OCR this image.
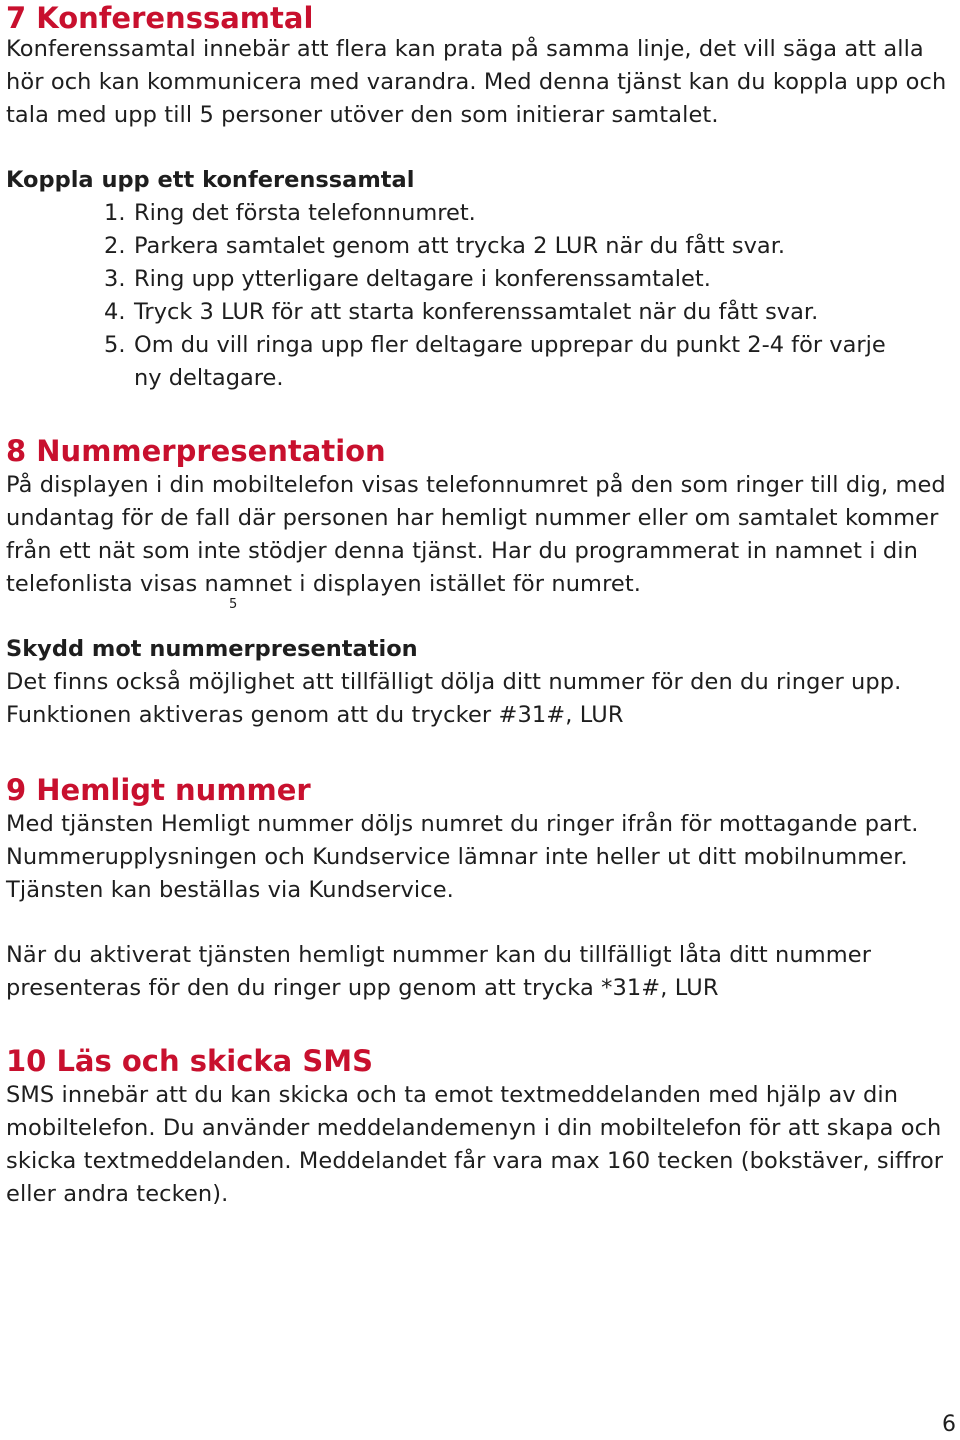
7 Konferenssamtal

Konferenssamtal innebär att flera kan prata på samma linje, det vill säga att alla hör och kan kommunicera med varandra. Med denna tjänst kan du koppla upp och tala med upp till 5 personer utöver den som initierar samtalet.

Koppla upp ett konferenssamtal
1. Ring det första telefonnumret.
2. Parkera samtalet genom att trycka 2 LUR när du fått svar.
3. Ring upp ytterligare deltagare i konferenssamtalet.
4. Tryck 3 LUR för att starta konferenssamtalet när du fått svar.
5. Om du vill ringa upp fler deltagare upprepar du punkt 2-4 för varje ny deltagare.
8 Nummerpresentation

På displayen i din mobiltelefon visas telefonnumret på den som ringer till dig, med undantag för de fall där personen har hemligt nummer eller om samtalet kommer från ett nät som inte stödjer denna tjänst. Har du programmerat in namnet i din telefonlista visas namnet i displayen istället för numret.

Skydd mot nummerpresentation

Det finns också möjlighet att tillfälligt dölja ditt nummer för den du ringer upp. Funktionen aktiveras genom att du trycker #31#, LUR

9 Hemligt nummer

Med tjänsten Hemligt nummer döljs numret du ringer ifrån för mottagande part. Nummerupplysningen och Kundservice lämnar inte heller ut ditt mobilnummer. Tjänsten kan beställas via Kundservice.

När du aktiverat tjänsten hemligt nummer kan du tillfälligt låta ditt nummer presenteras för den du ringer upp genom att trycka *31#, LUR

10 Läs och skicka SMS

SMS innebär att du kan skicka och ta emot textmeddelanden med hjälp av din mobiltelefon. Du använder meddelandemenyn i din mobiltelefon för att skapa och skicka textmeddelanden. Meddelandet får vara max 160 tecken (bokstäver, siffror eller andra tecken).

5
6
